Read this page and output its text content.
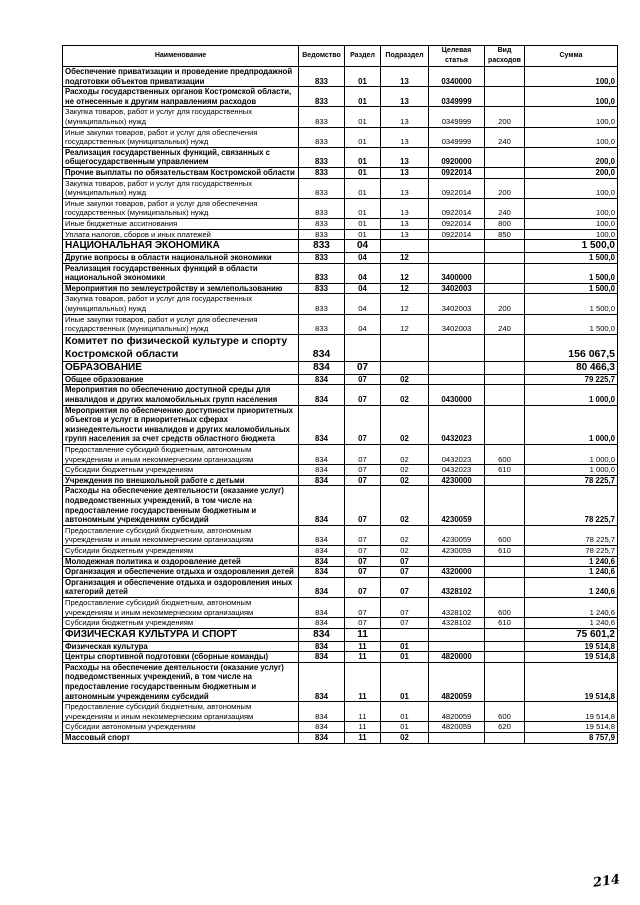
Наименование	Ведомство	Раздел	Подраздел	Целевая статья	Вид расходов	Сумма
Обеспечение приватизации и проведение предпродажной подготовки объектов приватизации	833	01	13	0340000		100,0
Расходы государственных органов Костромской области, не отнесенные к другим направлениям расходов	833	01	13	0349999		100,0
Закупка товаров, работ и услуг для государственных (муниципальных) нужд	833	01	13	0349999	200	100,0
Иные закупки товаров, работ и услуг для обеспечения государственных (муниципальных) нужд	833	01	13	0349999	240	100,0
Реализация государственных функций, связанных с общегосударственным управлением	833	01	13	0920000		200,0
Прочие выплаты по обязательствам Костромской области	833	01	13	0922014		200,0
Закупка товаров, работ и услуг для государственных (муниципальных) нужд	833	01	13	0922014	200	100,0
Иные закупки товаров, работ и услуг для обеспечения государственных (муниципальных) нужд	833	01	13	0922014	240	100,0
Иные бюджетные ассигнования	833	01	13	0922014	800	100,0
Уплата налогов, сборов и иных платежей	833	01	13	0922014	850	100,0
НАЦИОНАЛЬНАЯ ЭКОНОМИКА	833	04				1 500,0
Другие вопросы в области национальной экономики	833	04	12			1 500,0
Реализация государственных функций в области национальной экономики	833	04	12	3400000		1 500,0
Мероприятия по землеустройству и землепользованию	833	04	12	3402003		1 500,0
Закупка товаров, работ и услуг для государственных (муниципальных) нужд	833	04	12	3402003	200	1 500,0
Иные закупки товаров, работ и услуг для обеспечения государственных (муниципальных) нужд	833	04	12	3402003	240	1 500,0
Комитет по физической культуре и спорту Костромской области	834					156 067,5
ОБРАЗОВАНИЕ	834	07				80 466,3
Общее образование	834	07	02			79 225,7
Мероприятия по обеспечению доступной среды для инвалидов и других маломобильных групп населения	834	07	02	0430000		1 000,0
Мероприятия по обеспечению доступности приоритетных объектов и услуг в приоритетных сферах жизнедеятельности инвалидов и других маломобильных групп населения за счет средств областного бюджета	834	07	02	0432023		1 000,0
Предоставление субсидий бюджетным, автономным учреждениям и иным некоммерческим организациям	834	07	02	0432023	600	1 000,0
Субсидии бюджетным учреждениям	834	07	02	0432023	610	1 000,0
Учреждения по внешкольной работе с детьми	834	07	02	4230000		78 225,7
Расходы на обеспечение деятельности (оказание услуг) подведомственных учреждений, в том числе на предоставление государственным бюджетным и автономным учреждениям субсидий	834	07	02	4230059		78 225,7
Предоставление субсидий бюджетным, автономным учреждениям и иным некоммерческим организациям	834	07	02	4230059	600	78 225,7
Субсидии бюджетным учреждениям	834	07	02	4230059	610	78 225,7
Молодежная политика и оздоровление детей	834	07	07			1 240,6
Организация и обеспечение отдыха и оздоровления детей	834	07	07	4320000		1 240,6
Организация и обеспечение отдыха и оздоровления иных категорий детей	834	07	07	4328102		1 240,6
Предоставление субсидий бюджетным, автономным учреждениям и иным некоммерческим организациям	834	07	07	4328102	600	1 240,6
Субсидии бюджетным учреждениям	834	07	07	4328102	610	1 240,6
ФИЗИЧЕСКАЯ КУЛЬТУРА И СПОРТ	834	11				75 601,2
Физическая культура	834	11	01			19 514,8
Центры спортивной подготовки (сборные команды)	834	11	01	4820000		19 514,8
Расходы на обеспечение деятельности (оказание услуг) подведомственных учреждений, в том числе на предоставление государственным бюджетным и автономным учреждениям субсидий	834	11	01	4820059		19 514,8
Предоставление субсидий бюджетным, автономным учреждениям и иным некоммерческим организациям	834	11	01	4820059	600	19 514,8
Субсидии автономным учреждениям	834	11	01	4820059	620	19 514,8
Массовый спорт	834	11	02			8 757,9
214
